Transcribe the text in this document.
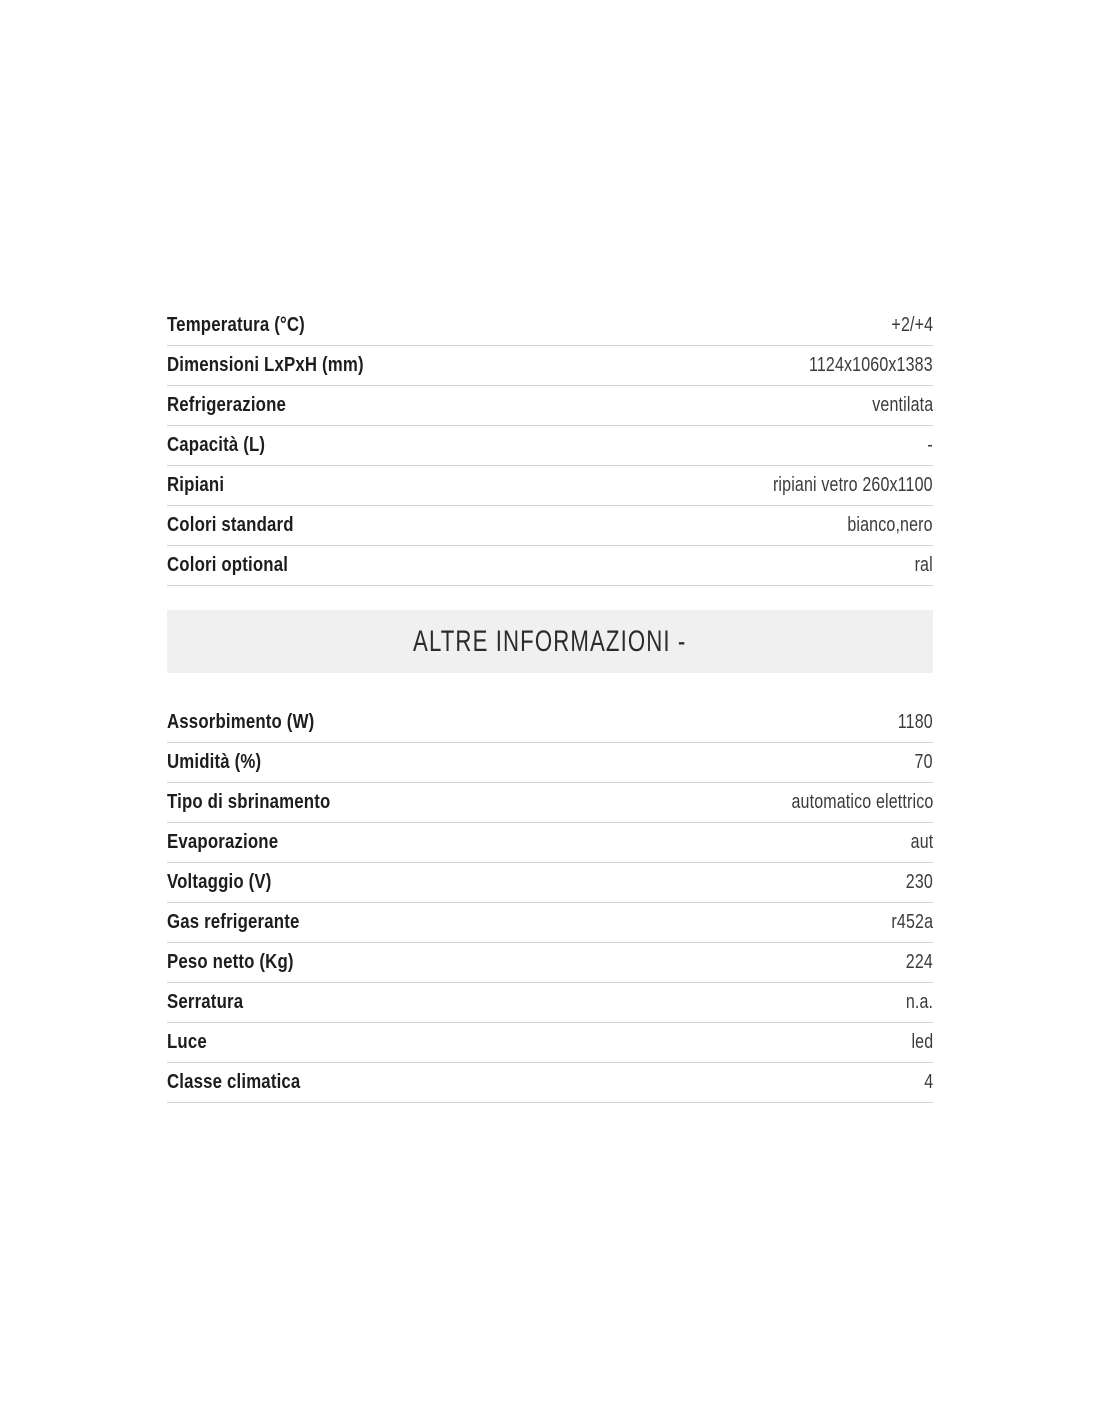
Temperatura (°C)	+2/+4
Dimensioni LxPxH (mm)	1124x1060x1383
Refrigerazione	ventilata
Capacità (L)	-
Ripiani	ripiani vetro 260x1100
Colori standard	bianco,nero
Colori optional	ral
ALTRE INFORMAZIONI -
Assorbimento (W)	1180
Umidità (%)	70
Tipo di sbrinamento	automatico elettrico
Evaporazione	aut
Voltaggio (V)	230
Gas refrigerante	r452a
Peso netto (Kg)	224
Serratura	n.a.
Luce	led
Classe climatica	4
